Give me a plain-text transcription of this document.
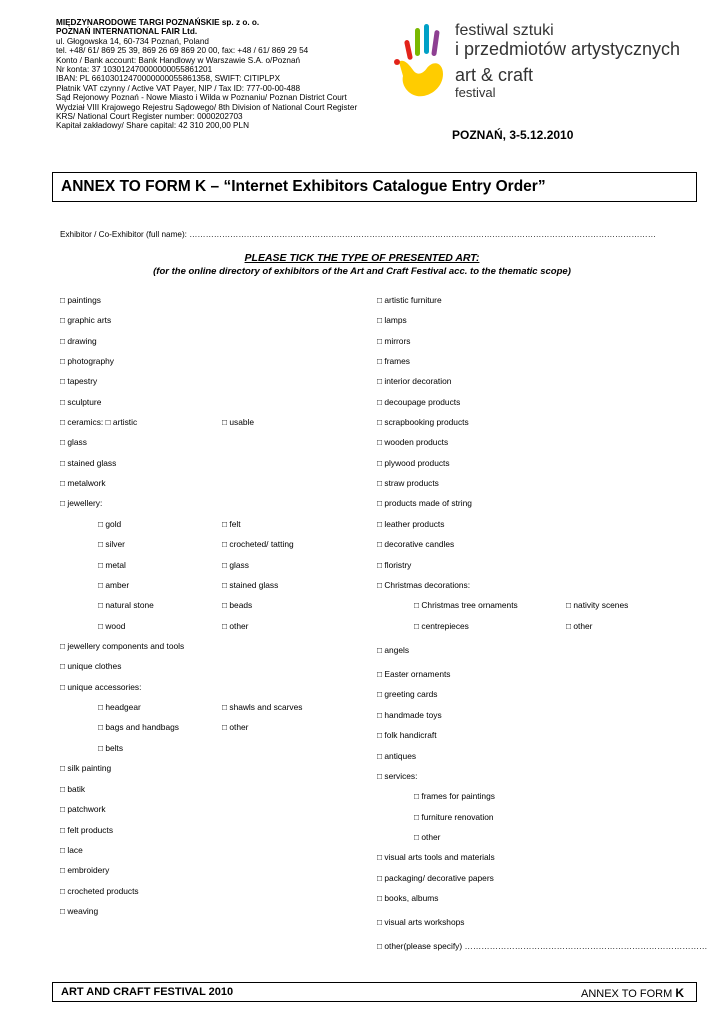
MIĘDZYNARODOWE TARGI POZNAŃSKIE sp. z o. o.
POZNAŃ INTERNATIONAL FAIR Ltd.
ul. Głogowska 14, 60-734 Poznań, Poland
tel. +48/ 61/ 869 25 39, 869 26 69 869 20 00, fax: +48 / 61/ 869 29 54
Konto / Bank account: Bank Handlowy w Warszawie S.A. o/Poznań
Nr konta: 37 103012470000000055861201
IBAN: PL 66103012470000000055861358, SWIFT: CITIPLPX
Płatnik VAT czynny / Active VAT Payer, NIP / Tax ID: 777-00-00-488
Sąd Rejonowy Poznań - Nowe Miasto i Wilda w Poznaniu/ Poznan District Court
Wydział VIII Krajowego Rejestru Sądowego/ 8th Division of National Court Register
KRS/ National Court Register number: 0000202703
Kapitał zakładowy/ Share capital: 42 310 200,00 PLN
festiwal sztuki
i przedmiotów artystycznych
art & craft
festival
POZNAŃ, 3-5.12.2010
ANNEX TO FORM K – “Internet Exhibitors Catalogue Entry Order”
Exhibitor / Co-Exhibitor (full name): ………………………………………………………………………………………………………………………………………………………
PLEASE TICK THE TYPE OF PRESENTED ART:
(for the online directory of exhibitors of the Art and Craft Festival acc. to the thematic scope)
□ paintings
□ graphic arts
□ drawing
□ photography
□ tapestry
□ sculpture
□ ceramics: □ artistic	□ usable
□ glass
□ stained glass
□ metalwork
□ jewellery:
□ gold	□ felt
□ silver	□ crocheted/ tatting
□ metal	□ glass
□ amber	□ stained glass
□ natural stone	□ beads
□ wood	□ other
□ jewellery components and tools
□ unique clothes
□ unique accessories:
□ headgear	□ shawls and scarves
□ bags and handbags	□ other
□ belts
□ silk painting
□ batik
□ patchwork
□ felt products
□ lace
□ embroidery
□ crocheted products
□ weaving
□ artistic furniture
□ lamps
□ mirrors
□ frames
□ interior decoration
□ decoupage products
□ scrapbooking products
□ wooden products
□ plywood products
□ straw products
□ products made of string
□ leather products
□ decorative candles
□ floristry
□ Christmas decorations:
□ Christmas tree ornaments	□ nativity scenes
□ centrepieces	□ other
□ angels
□ Easter ornaments
□ greeting cards
□ handmade toys
□ folk handicraft
□ antiques
□ services:
□ frames for paintings
□ furniture renovation
□ other
□ visual arts tools and materials
□ packaging/ decorative papers
□ books, albums
□ visual arts workshops
□ other(please specify) ……………………………………………………………………………
ART AND CRAFT FESTIVAL 2010	ANNEX TO FORM K
